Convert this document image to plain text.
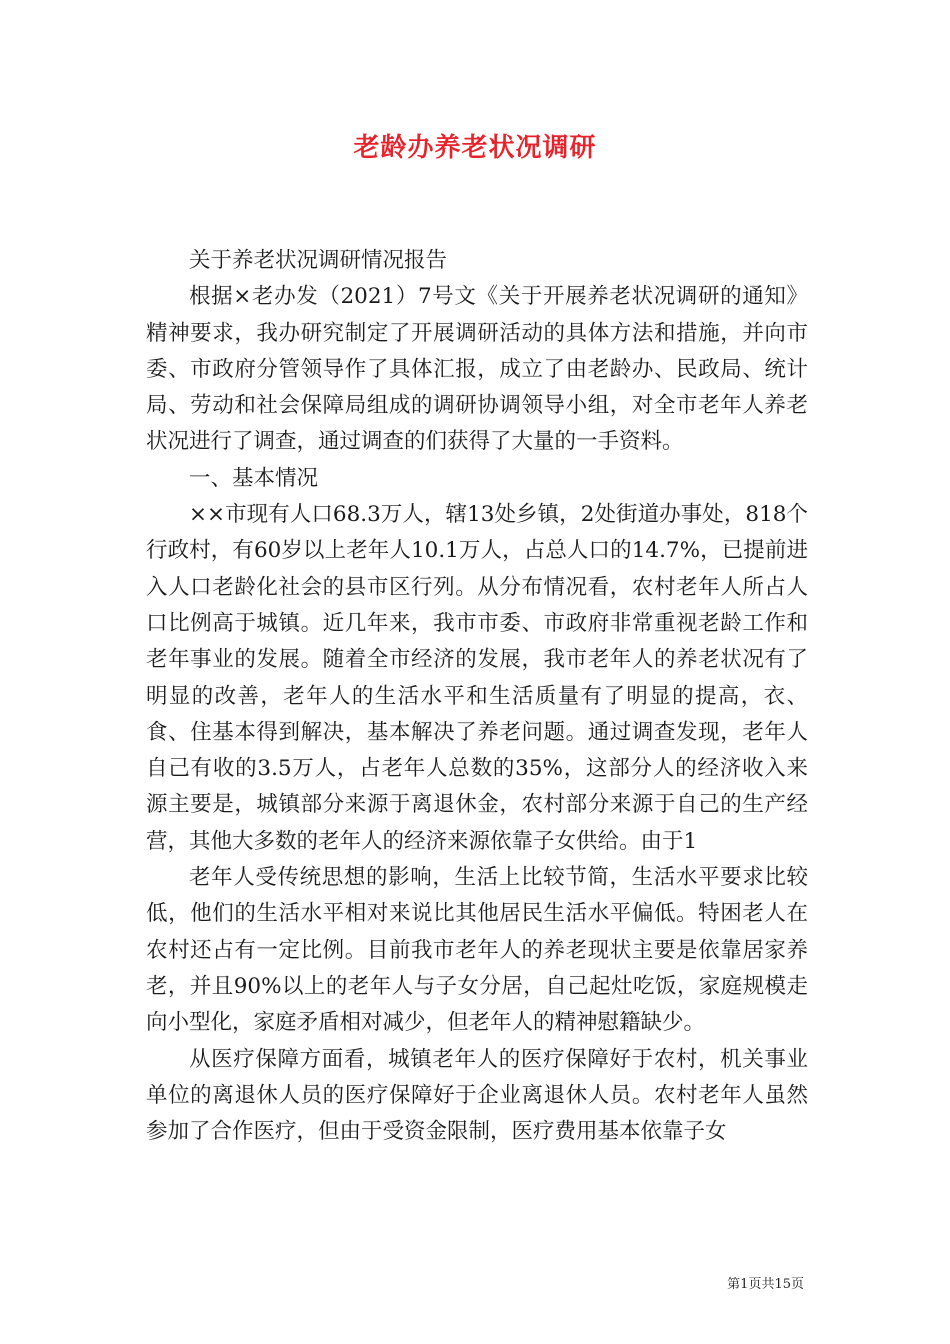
老龄办养老状况调研

关于养老状况调研情况报告

根据×老办发（2021）7号文《关于开展养老状况调研的通知》精神要求，我办研究制定了开展调研活动的具体方法和措施，并向市委、市政府分管领导作了具体汇报，成立了由老龄办、民政局、统计局、劳动和社会保障局组成的调研协调领导小组，对全市老年人养老状况进行了调查，通过调查的们获得了大量的一手资料。

一、基本情况

××市现有人口68.3万人，辖13处乡镇，2处街道办事处，818个行政村，有60岁以上老年人10.1万人，占总人口的14.7%，已提前进入人口老龄化社会的县市区行列。从分布情况看，农村老年人所占人口比例高于城镇。近几年来，我市市委、市政府非常重视老龄工作和老年事业的发展。随着全市经济的发展，我市老年人的养老状况有了明显的改善，老年人的生活水平和生活质量有了明显的提高，衣、食、住基本得到解决，基本解决了养老问题。通过调查发现，老年人自己有收的3.5万人，占老年人总数的35%，这部分人的经济收入来源主要是，城镇部分来源于离退休金，农村部分来源于自己的生产经营，其他大多数的老年人的经济来源依靠子女供给。由于1

老年人受传统思想的影响，生活上比较节简，生活水平要求比较低，他们的生活水平相对来说比其他居民生活水平偏低。特困老人在农村还占有一定比例。目前我市老年人的养老现状主要是依靠居家养老，并且90%以上的老年人与子女分居，自己起灶吃饭，家庭规模走向小型化，家庭矛盾相对减少，但老年人的精神慰籍缺少。

从医疗保障方面看，城镇老年人的医疗保障好于农村，机关事业单位的离退休人员的医疗保障好于企业离退休人员。农村老年人虽然参加了合作医疗，但由于受资金限制，医疗费用基本依靠子女

第1页共15页
